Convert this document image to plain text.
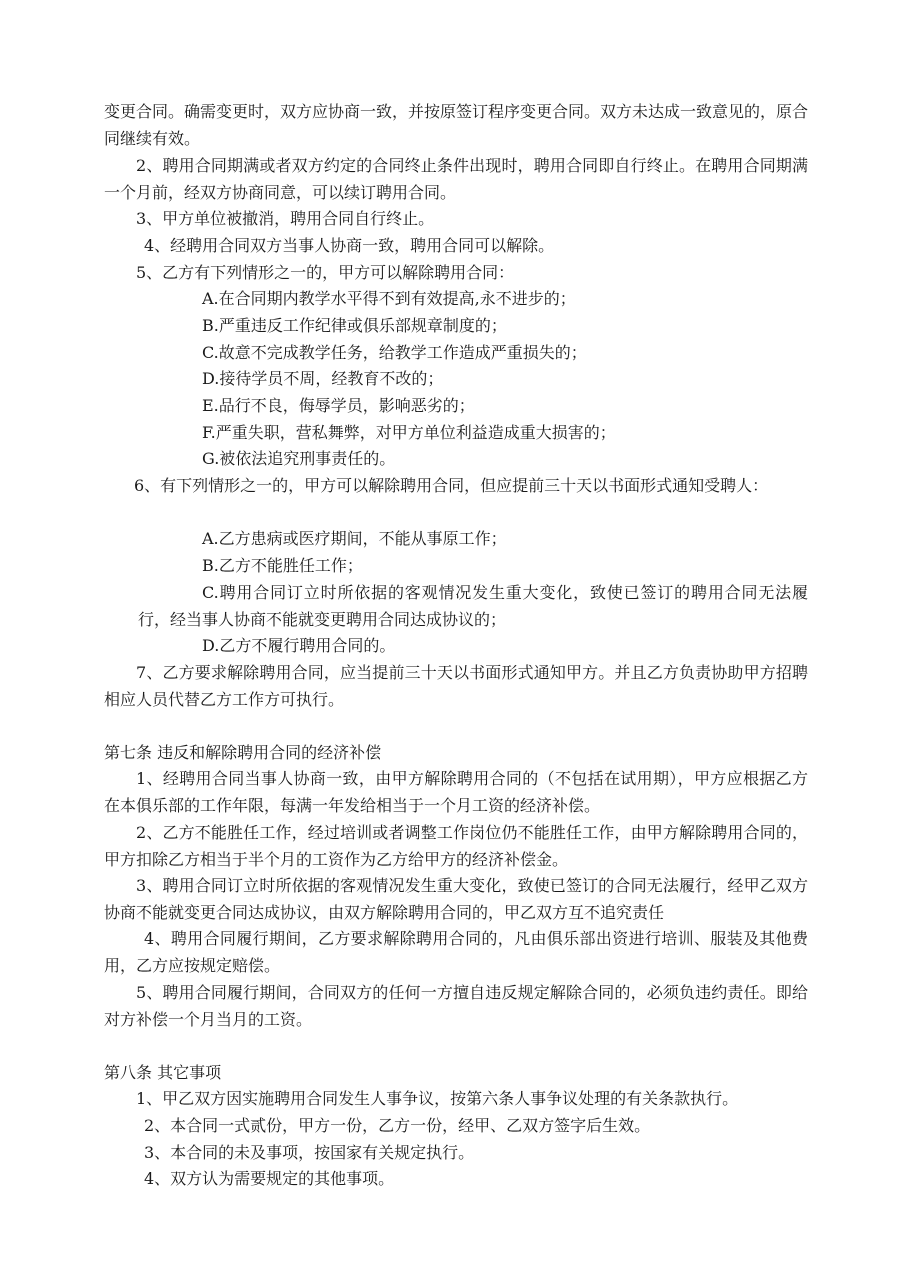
变更合同。确需变更时，双方应协商一致，并按原签订程序变更合同。双方未达成一致意见的，原合同继续有效。

2、聘用合同期满或者双方约定的合同终止条件出现时，聘用合同即自行终止。在聘用合同期满一个月前，经双方协商同意，可以续订聘用合同。

3、甲方单位被撤消，聘用合同自行终止。

4、经聘用合同双方当事人协商一致，聘用合同可以解除。

5、乙方有下列情形之一的，甲方可以解除聘用合同：

A.在合同期内教学水平得不到有效提高,永不进步的；

B.严重违反工作纪律或俱乐部规章制度的；

C.故意不完成教学任务，给教学工作造成严重损失的；

D.接待学员不周，经教育不改的；

E.品行不良，侮辱学员，影响恶劣的；

F.严重失职，营私舞弊，对甲方单位利益造成重大损害的；

G.被依法追究刑事责任的。

6、有下列情形之一的，甲方可以解除聘用合同，但应提前三十天以书面形式通知受聘人：

A.乙方患病或医疗期间，不能从事原工作；

B.乙方不能胜任工作；

C.聘用合同订立时所依据的客观情况发生重大变化，致使已签订的聘用合同无法履行，经当事人协商不能就变更聘用合同达成协议的；

D.乙方不履行聘用合同的。

7、乙方要求解除聘用合同，应当提前三十天以书面形式通知甲方。并且乙方负责协助甲方招聘相应人员代替乙方工作方可执行。

第七条 违反和解除聘用合同的经济补偿

1、经聘用合同当事人协商一致，由甲方解除聘用合同的（不包括在试用期），甲方应根据乙方在本俱乐部的工作年限，每满一年发给相当于一个月工资的经济补偿。

2、乙方不能胜任工作，经过培训或者调整工作岗位仍不能胜任工作，由甲方解除聘用合同的，甲方扣除乙方相当于半个月的工资作为乙方给甲方的经济补偿金。

3、聘用合同订立时所依据的客观情况发生重大变化，致使已签订的合同无法履行，经甲乙双方协商不能就变更合同达成协议，由双方解除聘用合同的，甲乙双方互不追究责任

4、聘用合同履行期间，乙方要求解除聘用合同的，凡由俱乐部出资进行培训、服装及其他费用，乙方应按规定赔偿。

5、聘用合同履行期间，合同双方的任何一方擅自违反规定解除合同的，必须负违约责任。即给对方补偿一个月当月的工资。

第八条 其它事项

1、甲乙双方因实施聘用合同发生人事争议，按第六条人事争议处理的有关条款执行。

2、本合同一式贰份，甲方一份，乙方一份，经甲、乙双方签字后生效。

3、本合同的未及事项，按国家有关规定执行。

4、双方认为需要规定的其他事项。
